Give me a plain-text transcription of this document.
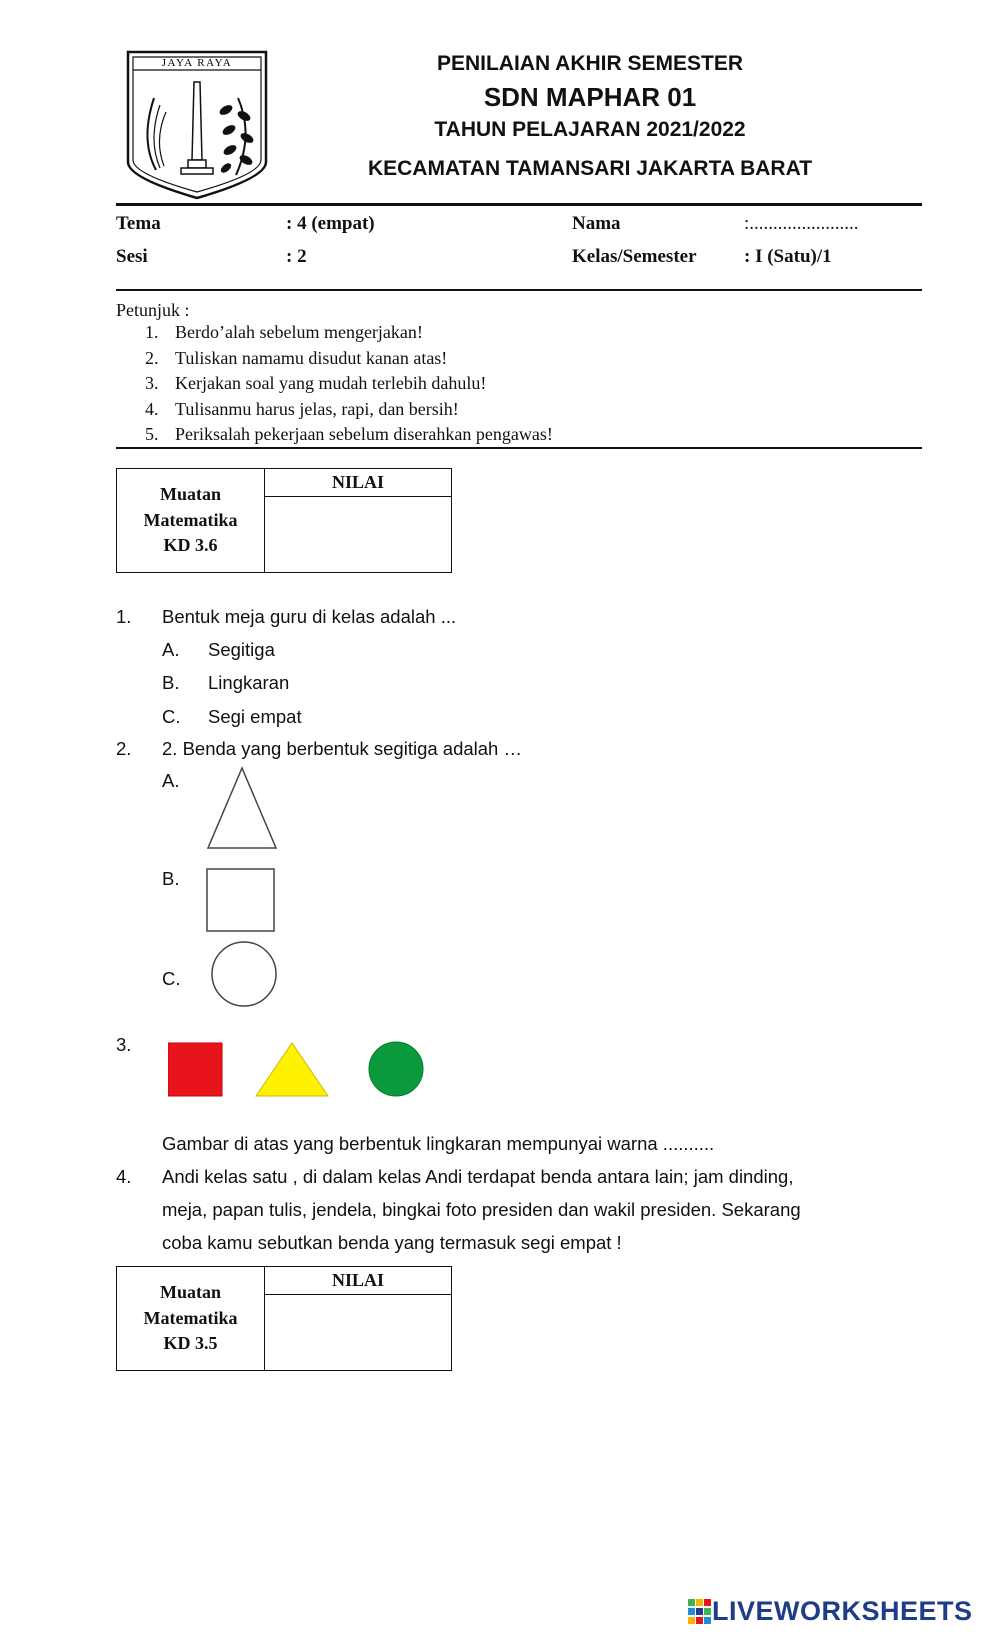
JAYA RAYA	PENILAIAN AKHIR SEMESTER
SDN MAPHAR 01
TAHUN PELAJARAN 2021/2022
KECAMATAN TAMANSARI JAKARTA BARAT
Tema	: 4 (empat)	Nama	:.......................
Sesi	: 2	Kelas/Semester : I (Satu)/1
Petunjuk :
1. Berdo’alah sebelum mengerjakan!
2. Tuliskan namamu disudut kanan atas!
3. Kerjakan soal yang mudah terlebih dahulu!
4. Tulisanmu harus jelas, rapi, dan bersih!
5. Periksalah pekerjaan sebelum diserahkan pengawas!
Muatan
Matematika
KD 3.6
NILAI
1. Bentuk meja guru di kelas adalah ...
A. Segitiga
B. Lingkaran
C. Segi empat
2. 2. Benda yang berbentuk segitiga adalah …
A.
B.
C.
3.
Gambar di atas yang berbentuk lingkaran mempunyai warna ..........
4. Andi kelas satu , di dalam kelas Andi terdapat benda antara lain; jam dinding,
meja, papan tulis, jendela, bingkai foto presiden dan wakil presiden. Sekarang
coba kamu sebutkan benda yang termasuk segi empat !
Muatan
Matematika
KD 3.5
NILAI
LIVEWORKSHEETS
